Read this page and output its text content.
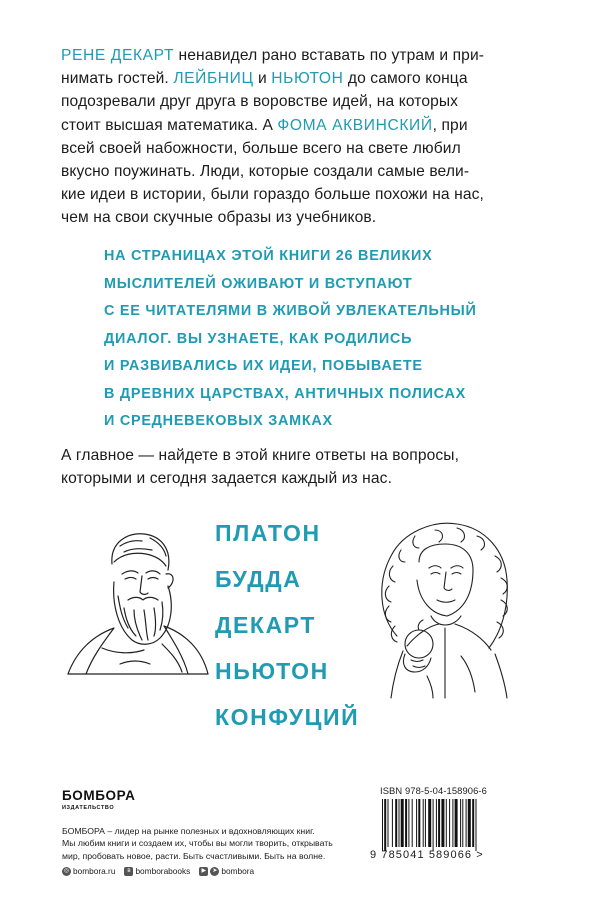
РЕНЕ ДЕКАРТ ненавидел рано вставать по утрам и при-
нимать гостей. ЛЕЙБНИЦ и НЬЮТОН до самого конца
подозревали друг друга в воровстве идей, на которых
стоит высшая математика. А ФОМА АКВИНСКИЙ, при
всей своей набожности, больше всего на свете любил
вкусно поужинать. Люди, которые создали самые вели-
кие идеи в истории, были гораздо больше похожи на нас,
чем на свои скучные образы из учебников.
НА СТРАНИЦАХ ЭТОЙ КНИГИ 26 ВЕЛИКИХ
МЫСЛИТЕЛЕЙ ОЖИВАЮТ И ВСТУПАЮТ
С ЕЕ ЧИТАТЕЛЯМИ В ЖИВОЙ УВЛЕКАТЕЛЬНЫЙ
ДИАЛОГ. ВЫ УЗНАЕТЕ, КАК РОДИЛИСЬ
И РАЗВИВАЛИСЬ ИХ ИДЕИ, ПОБЫВАЕТЕ
В ДРЕВНИХ ЦАРСТВАХ, АНТИЧНЫХ ПОЛИСАХ
И СРЕДНЕВЕКОВЫХ ЗАМКАХ
А главное — найдете в этой книге ответы на вопросы,
которыми и сегодня задается каждый из нас.
ПЛАТОН
БУДДА
ДЕКАРТ
НЬЮТОН
КОНФУЦИЙ
БОМБОРА
ИЗДАТЕЛЬСТВО
БОМБОРА – лидер на рынке полезных и вдохновляющих книг.
Мы любим книги и создаем их, чтобы вы могли творить, открывать
мир, пробовать новое, расти. Быть счастливыми. Быть на волне.
◎ bombora.ru	в bomborabooks	▶	➤ bombora
ISBN 978-5-04-158906-6
9 785041 589066 >
